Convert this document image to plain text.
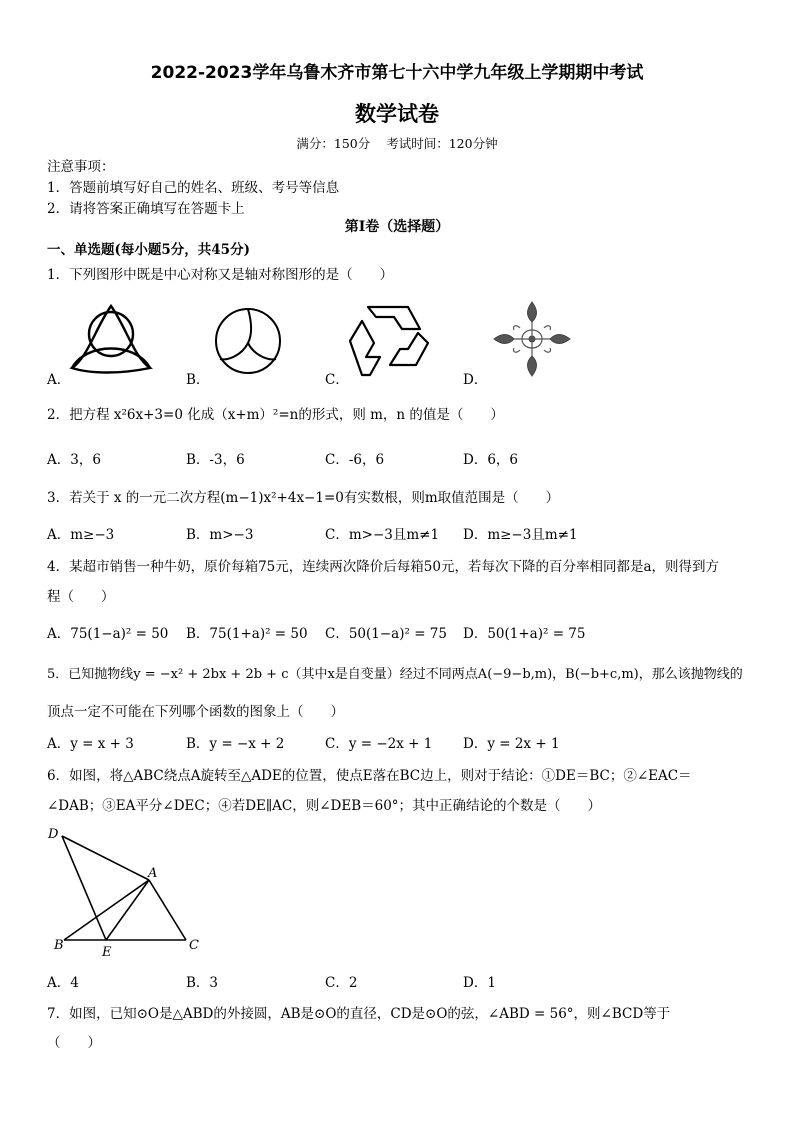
2022-2023学年乌鲁木齐市第七十六中学九年级上学期期中考试
数学试卷
满分：150分 考试时间：120分钟
注意事项：
1．答题前填写好自己的姓名、班级、考号等信息
2．请将答案正确填写在答题卡上
第I卷（选择题）
一、单选题(每小题5分，共45分)
1．下列图形中既是中心对称又是轴对称图形的是（　　）
A．	B．	C．	D．
2．把方程 x²6x+3=0 化成（x+m）²=n的形式，则 m，n 的值是（　　）
A．3，6	B．-3，6	C．-6，6	D．6，6
3．若关于 x 的一元二次方程(m−1)x²+4x−1=0有实数根，则m取值范围是（　　）
A．m≥−3	B．m>−3	C．m>−3且m≠1 D．m≥−3且m≠1
4．某超市销售一种牛奶，原价每箱75元，连续两次降价后每箱50元，若每次下降的百分率相同都是a，则得到方
程（　　）
A．75(1−a)² = 50 B．75(1+a)² = 50 C．50(1−a)² = 75 D．50(1+a)² = 75
5．已知抛物线y = −x² + 2bx + 2b + c（其中x是自变量）经过不同两点A(−9−b,m)，B(−b+c,m)，那么该抛物线的
顶点一定不可能在下列哪个函数的图象上（　　）
A．y = x + 3	B．y = −x + 2	C．y = −2x + 1 D．y = 2x + 1
6．如图，将△ABC绕点A旋转至△ADE的位置，使点E落在BC边上，则对于结论：①DE＝BC；②∠EAC＝
∠DAB；③EA平分∠DEC；④若DE∥AC，则∠DEB＝60°；其中正确结论的个数是（　　）
D
A
B	E	C
A．4	B．3	C．2	D．1
7．如图，已知⊙O是△ABD的外接圆，AB是⊙O的直径，CD是⊙O的弦，∠ABD = 56°，则∠BCD等于
（　　）
